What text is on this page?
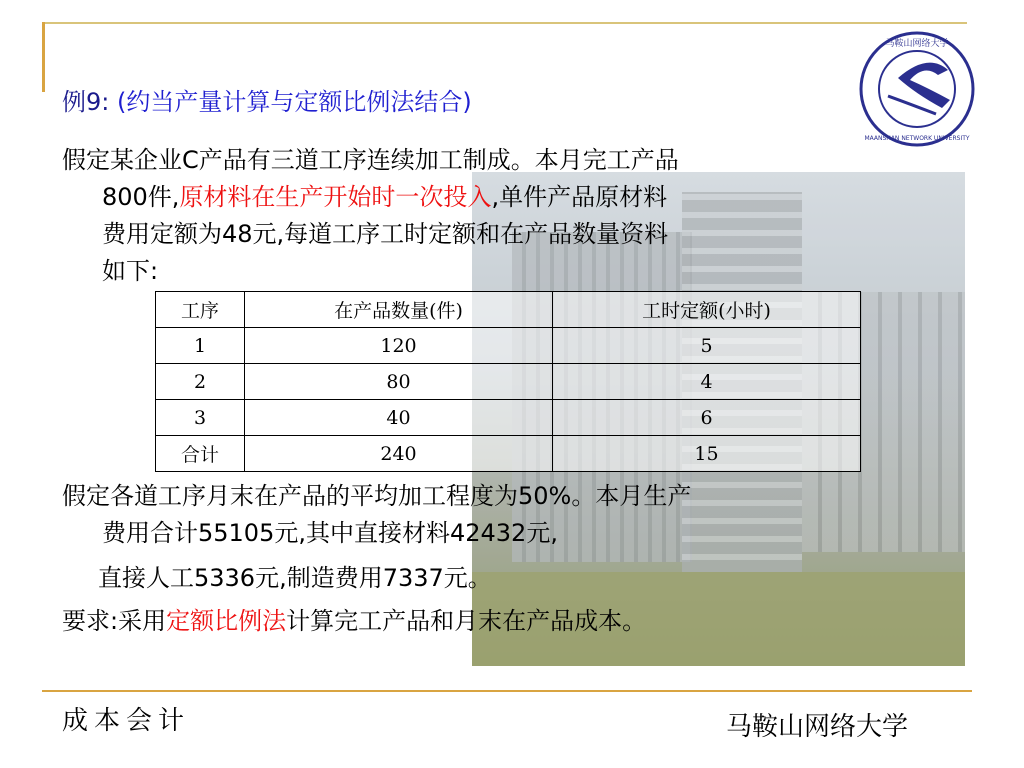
马鞍山网络大学
MAANSHAN NETWORK UNIVERSITY
例9: (约当产量计算与定额比例法结合)
假定某企业C产品有三道工序连续加工制成。本月完工产品
800件,原材料在生产开始时一次投入,单件产品原材料
费用定额为48元,每道工序工时定额和在产品数量资料
如下:
工序	在产品数量(件)	工时定额(小时)
1	120	5
2	80	4
3	40	6
合计	240	15
假定各道工序月末在产品的平均加工程度为50%。本月生产
费用合计55105元,其中直接材料42432元,
直接人工5336元,制造费用7337元。
要求:采用定额比例法计算完工产品和月末在产品成本。
成本会计	马鞍山网络大学
